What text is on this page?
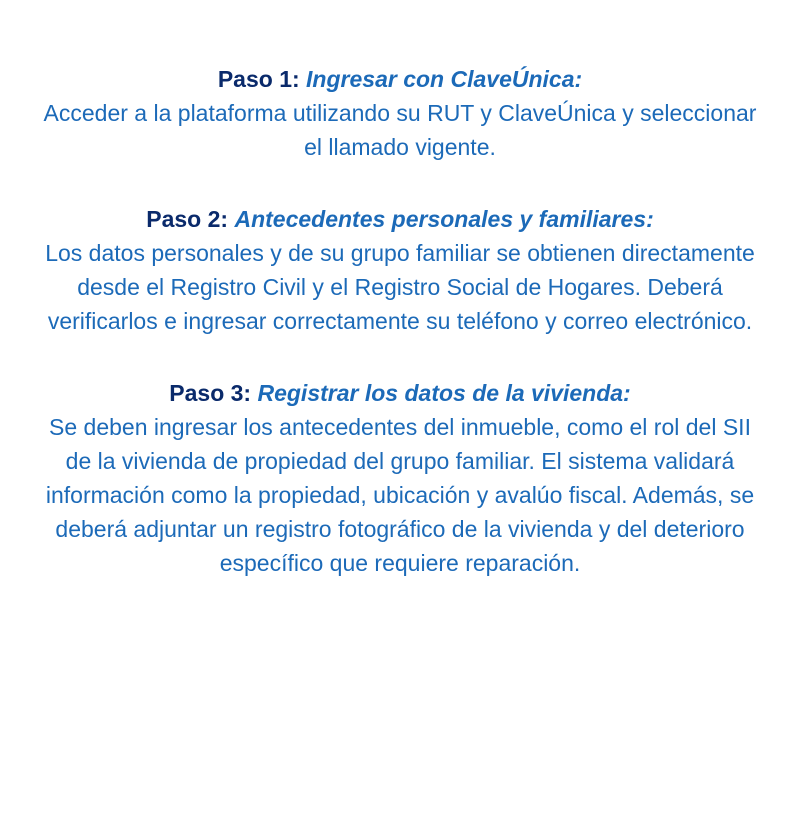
Paso 1: Ingresar con ClaveÚnica:

Acceder a la plataforma utilizando su RUT y ClaveÚnica y seleccionar el llamado vigente.

Paso 2: Antecedentes personales y familiares:

Los datos personales y de su grupo familiar se obtienen directamente desde el Registro Civil y el Registro Social de Hogares. Deberá verificarlos e ingresar correctamente su teléfono y correo electrónico.

Paso 3: Registrar los datos de la vivienda:

Se deben ingresar los antecedentes del inmueble, como el rol del SII de la vivienda de propiedad del grupo familiar. El sistema validará información como la propiedad, ubicación y avalúo fiscal. Además, se deberá adjuntar un registro fotográfico de la vivienda y del deterioro específico que requiere reparación.
